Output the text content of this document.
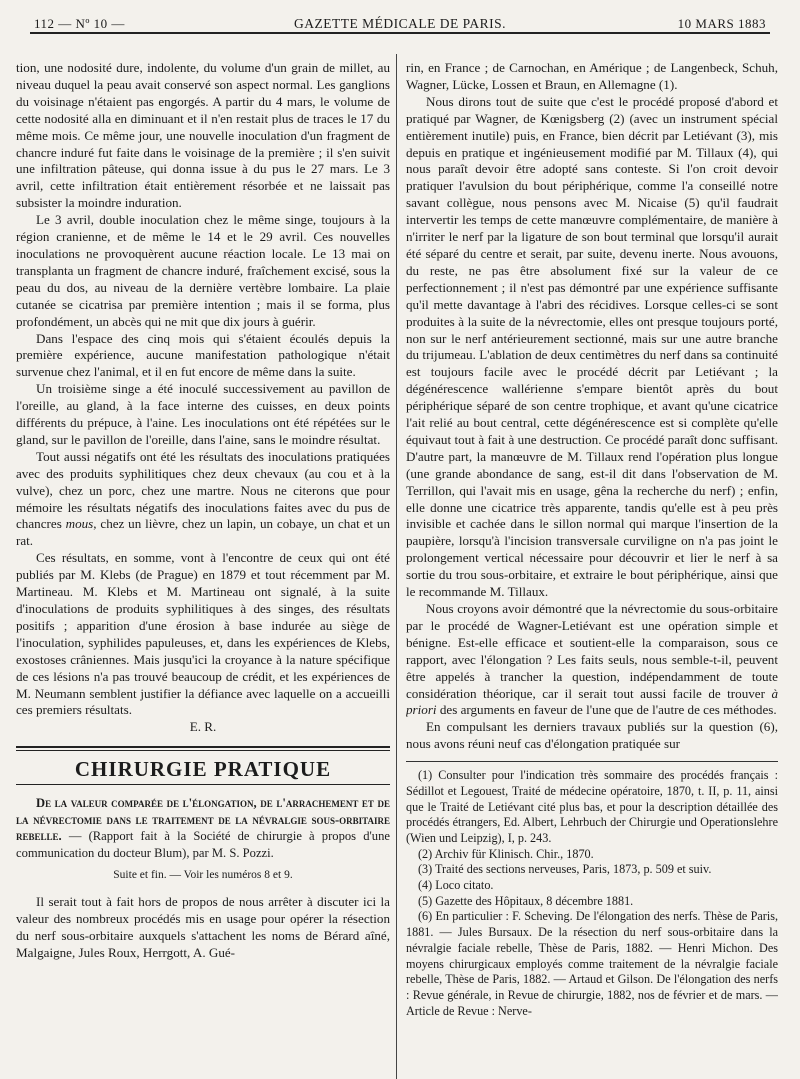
112 — Nº 10 —	GAZETTE MÉDICALE DE PARIS.	10 MARS 1883

tion, une nodosité dure, indolente, du volume d'un grain de millet, au niveau duquel la peau avait conservé son aspect normal. Les ganglions du voisinage n'étaient pas engorgés. A partir du 4 mars, le volume de cette nodosité alla en diminuant et il n'en restait plus de traces le 17 du même mois. Ce même jour, une nouvelle inoculation d'un fragment de chancre induré fut faite dans le voisinage de la première ; il s'en suivit une infiltration pâteuse, qui donna issue à du pus le 27 mars. Le 3 avril, cette infiltration était entièrement résorbée et ne laissait pas subsister la moindre induration.

Le 3 avril, double inoculation chez le même singe, toujours à la région cranienne, et de même le 14 et le 29 avril. Ces nouvelles inoculations ne provoquèrent aucune réaction locale. Le 13 mai on transplanta un fragment de chancre induré, fraîchement excisé, sous la peau du dos, au niveau de la dernière vertèbre lombaire. La plaie cutanée se cicatrisa par première intention ; mais il se forma, plus profondément, un abcès qui ne mit que dix jours à guérir.

Dans l'espace des cinq mois qui s'étaient écoulés depuis la première expérience, aucune manifestation pathologique n'était survenue chez l'animal, et il en fut encore de même dans la suite.

Un troisième singe a été inoculé successivement au pavillon de l'oreille, au gland, à la face interne des cuisses, en deux points différents du prépuce, à l'aine. Les inoculations ont été répétées sur le gland, sur le pavillon de l'oreille, dans l'aine, sans le moindre résultat.

Tout aussi négatifs ont été les résultats des inoculations pratiquées avec des produits syphilitiques chez deux chevaux (au cou et à la vulve), chez un porc, chez une martre. Nous ne citerons que pour mémoire les résultats négatifs des inoculations faites avec du pus de chancres mous, chez un lièvre, chez un lapin, un cobaye, un chat et un rat.

Ces résultats, en somme, vont à l'encontre de ceux qui ont été publiés par M. Klebs (de Prague) en 1879 et tout récemment par M. Martineau. M. Klebs et M. Martineau ont signalé, à la suite d'inoculations de produits syphilitiques à des singes, des résultats positifs ; apparition d'une érosion à base indurée au siège de l'inoculation, syphilides papuleuses, et, dans les expériences de Klebs, exostoses crâniennes. Mais jusqu'ici la croyance à la nature spécifique de ces lésions n'a pas trouvé beaucoup de crédit, et les expériences de M. Neumann semblent justifier la défiance avec laquelle on a accueilli ces premiers résultats.

E. R.

CHIRURGIE PRATIQUE

De la valeur comparée de l'élongation, de l'arrachement et de la névrectomie dans le traitement de la névralgie sous-orbitaire rebelle. — (Rapport fait à la Société de chirurgie à propos d'une communication du docteur Blum), par M. S. Pozzi.

Suite et fin. — Voir les numéros 8 et 9.

Il serait tout à fait hors de propos de nous arrêter à discuter ici la valeur des nombreux procédés mis en usage pour opérer la résection du nerf sous-orbitaire auxquels s'attachent les noms de Bérard aîné, Malgaigne, Jules Roux, Herrgott, A. Gué-

rin, en France ; de Carnochan, en Amérique ; de Langenbeck, Schuh, Wagner, Lücke, Lossen et Braun, en Allemagne (1).

Nous dirons tout de suite que c'est le procédé proposé d'abord et pratiqué par Wagner, de Kœnigsberg (2) (avec un instrument spécial entièrement inutile) puis, en France, bien décrit par Letiévant (3), mis depuis en pratique et ingénieusement modifié par M. Tillaux (4), qui nous paraît devoir être adopté sans conteste. Si l'on croit devoir pratiquer l'avulsion du bout périphérique, comme l'a conseillé notre savant collègue, nous pensons avec M. Nicaise (5) qu'il faudrait intervertir les temps de cette manœuvre complémentaire, de manière à n'irriter le nerf par la ligature de son bout terminal que lorsqu'il aurait été séparé du centre et serait, par suite, devenu inerte. Nous avouons, du reste, ne pas être absolument fixé sur la valeur de ce perfectionnement ; il n'est pas démontré par une expérience suffisante qu'il mette davantage à l'abri des récidives. Lorsque celles-ci se sont produites à la suite de la névrectomie, elles ont presque toujours porté, non sur le nerf antérieurement sectionné, mais sur une autre branche du trijumeau. L'ablation de deux centimètres du nerf dans sa continuité est toujours facile avec le procédé décrit par Letiévant ; la dégénérescence wallérienne s'empare bientôt après du bout périphérique séparé de son centre trophique, et avant qu'une cicatrice l'ait relié au bout central, cette dégénérescence est si complète qu'elle équivaut tout à fait à une destruction. Ce procédé paraît donc suffisant. D'autre part, la manœuvre de M. Tillaux rend l'opération plus longue (une grande abondance de sang, est-il dit dans l'observation de M. Terrillon, qui l'avait mis en usage, gêna la recherche du nerf) ; enfin, elle donne une cicatrice très apparente, tandis qu'elle est à peu près invisible et cachée dans le sillon normal qui marque l'insertion de la paupière, lorsqu'à l'incision transversale curviligne on n'a pas joint le prolongement vertical nécessaire pour découvrir et lier le nerf à sa sortie du trou sous-orbitaire, et extraire le bout périphérique, ainsi que le recommande M. Tillaux.

Nous croyons avoir démontré que la névrectomie du sous-orbitaire par le procédé de Wagner-Letiévant est une opération simple et bénigne. Est-elle efficace et soutient-elle la comparaison, sous ce rapport, avec l'élongation ? Les faits seuls, nous semble-t-il, peuvent être appelés à trancher la question, indépendamment de toute considération théorique, car il serait tout aussi facile de trouver à priori des arguments en faveur de l'une que de l'autre de ces méthodes.

En compulsant les derniers travaux publiés sur la question (6), nous avons réuni neuf cas d'élongation pratiquée sur

(1) Consulter pour l'indication très sommaire des procédés français : Sédillot et Legouest, Traité de médecine opératoire, 1870, t. II, p. 11, ainsi que le Traité de Letiévant cité plus bas, et pour la description détaillée des procédés étrangers, Ed. Albert, Lehrbuch der Chirurgie und Operationslehre (Wien und Leipzig), I, p. 243.
(2) Archiv für Klinisch. Chir., 1870.
(3) Traité des sections nerveuses, Paris, 1873, p. 509 et suiv.
(4) Loco citato.
(5) Gazette des Hôpitaux, 8 décembre 1881.
(6) En particulier : F. Scheving. De l'élongation des nerfs. Thèse de Paris, 1881. — Jules Bursaux. De la résection du nerf sous-orbitaire dans la névralgie faciale rebelle, Thèse de Paris, 1882. — Henri Michon. Des moyens chirurgicaux employés comme traitement de la névralgie faciale rebelle, Thèse de Paris, 1882. — Artaud et Gilson. De l'élongation des nerfs : Revue générale, in Revue de chirurgie, 1882, nos de février et de mars. — Article de Revue : Nerve-
